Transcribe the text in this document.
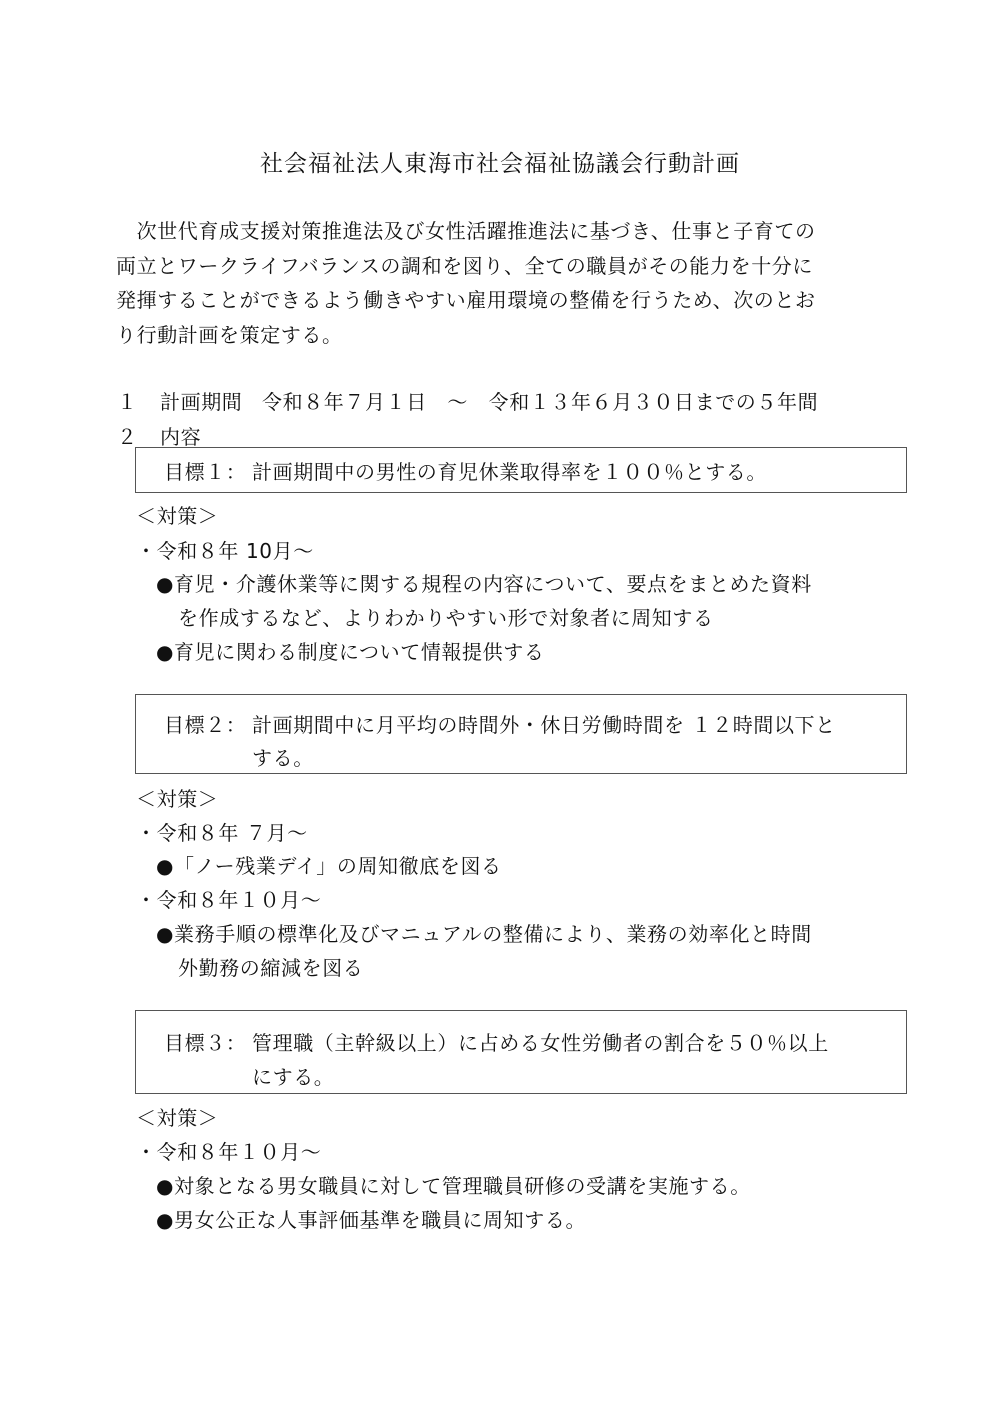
社会福祉法人東海市社会福祉協議会行動計画
　次世代育成支援対策推進法及び女性活躍推進法に基づき、仕事と子育ての
両立とワークライフバランスの調和を図り、全ての職員がその能力を十分に
発揮することができるよう働きやすい雇用環境の整備を行うため、次のとお
り行動計画を策定する。
１ 計画期間 令和８年７月１日　～　令和１３年６月３０日までの５年間
２ 内容
目標１： 計画期間中の男性の育児休業取得率を１００％とする。
＜対策＞
・令和８年 10月～
●育児・介護休業等に関する規程の内容について、要点をまとめた資料
を作成するなど、よりわかりやすい形で対象者に周知する
●育児に関わる制度について情報提供する
目標２： 計画期間中に月平均の時間外・休日労働時間を １２時間以下と
する。
＜対策＞
・令和８年 ７月～
●「ノー残業デイ」の周知徹底を図る
・令和８年１０月～
●業務手順の標準化及びマニュアルの整備により、業務の効率化と時間
外勤務の縮減を図る
目標３： 管理職（主幹級以上）に占める女性労働者の割合を５０％以上
にする。
＜対策＞
・令和８年１０月～
●対象となる男女職員に対して管理職員研修の受講を実施する。
●男女公正な人事評価基準を職員に周知する。
